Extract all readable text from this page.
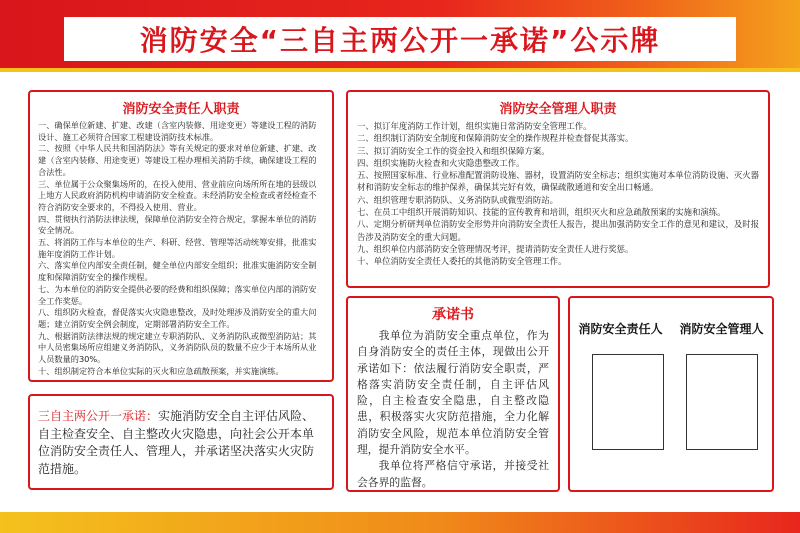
消防安全“三自主两公开一承诺”公示牌
消防安全责任人职责
一、确保单位新建、扩建、改建（含室内装修、用途变更）等建设工程的消防设计、施工必须符合国家工程建设消防技术标准。
二、按照《中华人民共和国消防法》等有关规定的要求对单位新建、扩建、改建（含室内装修、用途变更）等建设工程办理相关消防手续，确保建设工程的合法性。
三、单位属于公众聚集场所的，在投入使用、营业前应向场所所在地的县级以上地方人民政府消防机构申请消防安全检查。未经消防安全检查或者经检查不符合消防安全要求的，不得投入使用、营业。
四、贯彻执行消防法律法规，保障单位消防安全符合规定，掌握本单位的消防安全情况。
五、将消防工作与本单位的生产、科研、经营、管理等活动统筹安排，批准实施年度消防工作计划。
六、落实单位内部安全责任制，健全单位内部安全组织；批准实施消防安全制度和保障消防安全的操作规程。
七、为本单位的消防安全提供必要的经费和组织保障；落实单位内部的消防安全工作奖惩。
八、组织防火检查，督促落实火灾隐患整改，及时处理涉及消防安全的重大问题；建立消防安全例会制度，定期部署消防安全工作。
九、根据消防法律法规的规定建立专职消防队、义务消防队或微型消防站；其中人员密集场所应组建义务消防队，义务消防队员的数量不应少于本场所从业人员数量的30%。
十、组织制定符合本单位实际的灭火和应急疏散预案，并实施演练。
消防安全管理人职责
一、拟订年度消防工作计划，组织实施日常消防安全管理工作。
二、组织制订消防安全制度和保障消防安全的操作规程并检查督促其落实。
三、拟订消防安全工作的资金投入和组织保障方案。
四、组织实施防火检查和火灾隐患整改工作。
五、按照国家标准、行业标准配置消防设施、器材，设置消防安全标志；组织实施对本单位消防设施、灭火器材和消防安全标志的维护保养，确保其完好有效，确保疏散通道和安全出口畅通。
六、组织管理专职消防队、义务消防队或微型消防站。
七、在员工中组织开展消防知识、技能的宣传教育和培训，组织灭火和应急疏散预案的实施和演练。
八、定期分析研判单位消防安全形势并向消防安全责任人报告，提出加强消防安全工作的意见和建议，及时报告涉及消防安全的重大问题。
九、组织单位内部消防安全管理情况考评，提请消防安全责任人进行奖惩。
十、单位消防安全责任人委托的其他消防安全管理工作。
三自主两公开一承诺：实施消防安全自主评估风险、自主检查安全、自主整改火灾隐患，向社会公开本单位消防安全责任人、管理人，并承诺坚决落实火灾防范措施。
承诺书

我单位为消防安全重点单位，作为自身消防安全的责任主体，现做出公开承诺如下：依法履行消防安全职责，严格落实消防安全责任制，自主评估风险，自主检查安全隐患，自主整改隐患，积极落实火灾防范措施，全力化解消防安全风险，规范本单位消防安全管理，提升消防安全水平。

我单位将严格信守承诺，并接受社会各界的监督。

消防安全责任人 消防安全管理人
